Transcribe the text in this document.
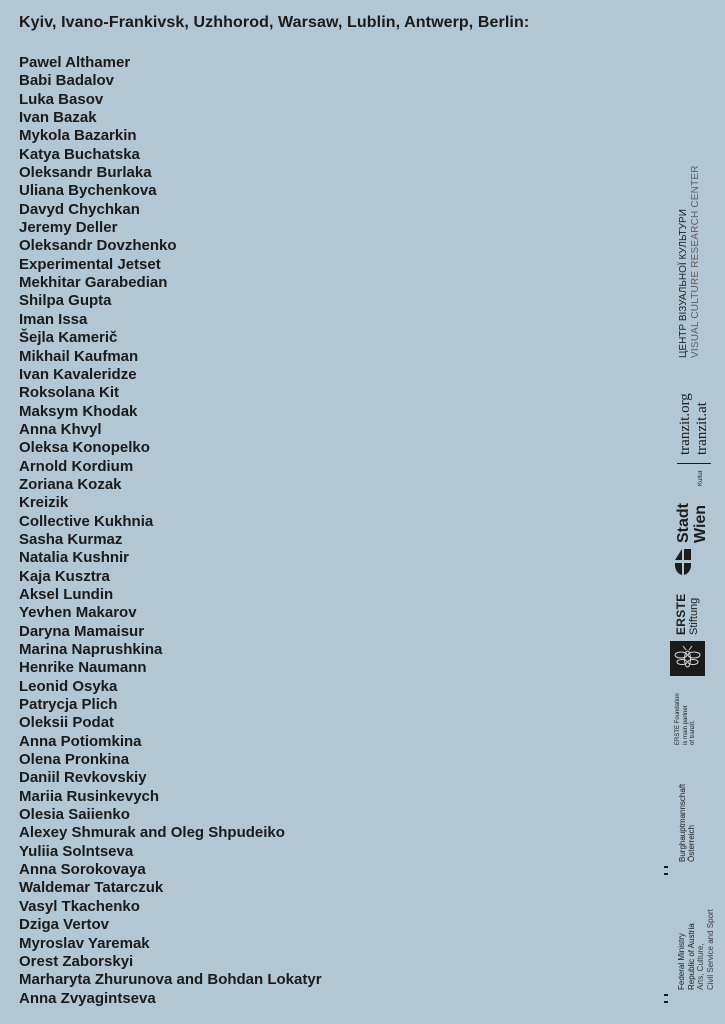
Kyiv, Ivano-Frankivsk, Uzhhorod, Warsaw, Lublin, Antwerp, Berlin:
Pawel Althamer
Babi Badalov
Luka Basov
Ivan Bazak
Mykola Bazarkin
Katya Buchatska
Oleksandr Burlaka
Uliana Bychenkova
Davyd Chychkan
Jeremy Deller
Oleksandr Dovzhenko
Experimental Jetset
Mekhitar Garabedian
Shilpa Gupta
Iman Issa
Šejla Kamerič
Mikhail Kaufman
Ivan Kavaleridze
Roksolana Kit
Maksym Khodak
Anna Khvyl
Oleksa Konopelko
Arnold Kordium
Zoriana Kozak
Kreizik
Collective Kukhnia
Sasha Kurmaz
Natalia Kushnir
Kaja Kusztra
Aksel Lundin
Yevhen Makarov
Daryna Mamaisur
Marina Naprushkina
Henrike Naumann
Leonid Osyka
Patrycja Plich
Oleksii Podat
Anna Potiomkina
Olena Pronkina
Daniil Revkovskiy
Mariia Rusinkevych
Olesia Saiienko
Alexey Shmurak and Oleg Shpudeiko
Yuliia Solntseva
Anna Sorokovaya
Waldemar Tatarczuk
Vasyl Tkachenko
Dziga Vertov
Myroslav Yaremak
Orest Zaborskyi
Marharyta Zhurunova and Bohdan Lokatyr
Anna Zvyagintseva
ЦЕНТР ВІЗУАЛЬНОЇ КУЛЬТУРИ VISUAL CULTURE RESEARCH CENTER
tranzit.org tranzit.at
Kultur
Stadt Wien
ERSTE Stiftung
ERSTE Foundation is main partner of tranzit.
Burghauptmannschaft Österreich
Federal Ministry Republic of Austria Arts, Culture, Civil Service and Sport
